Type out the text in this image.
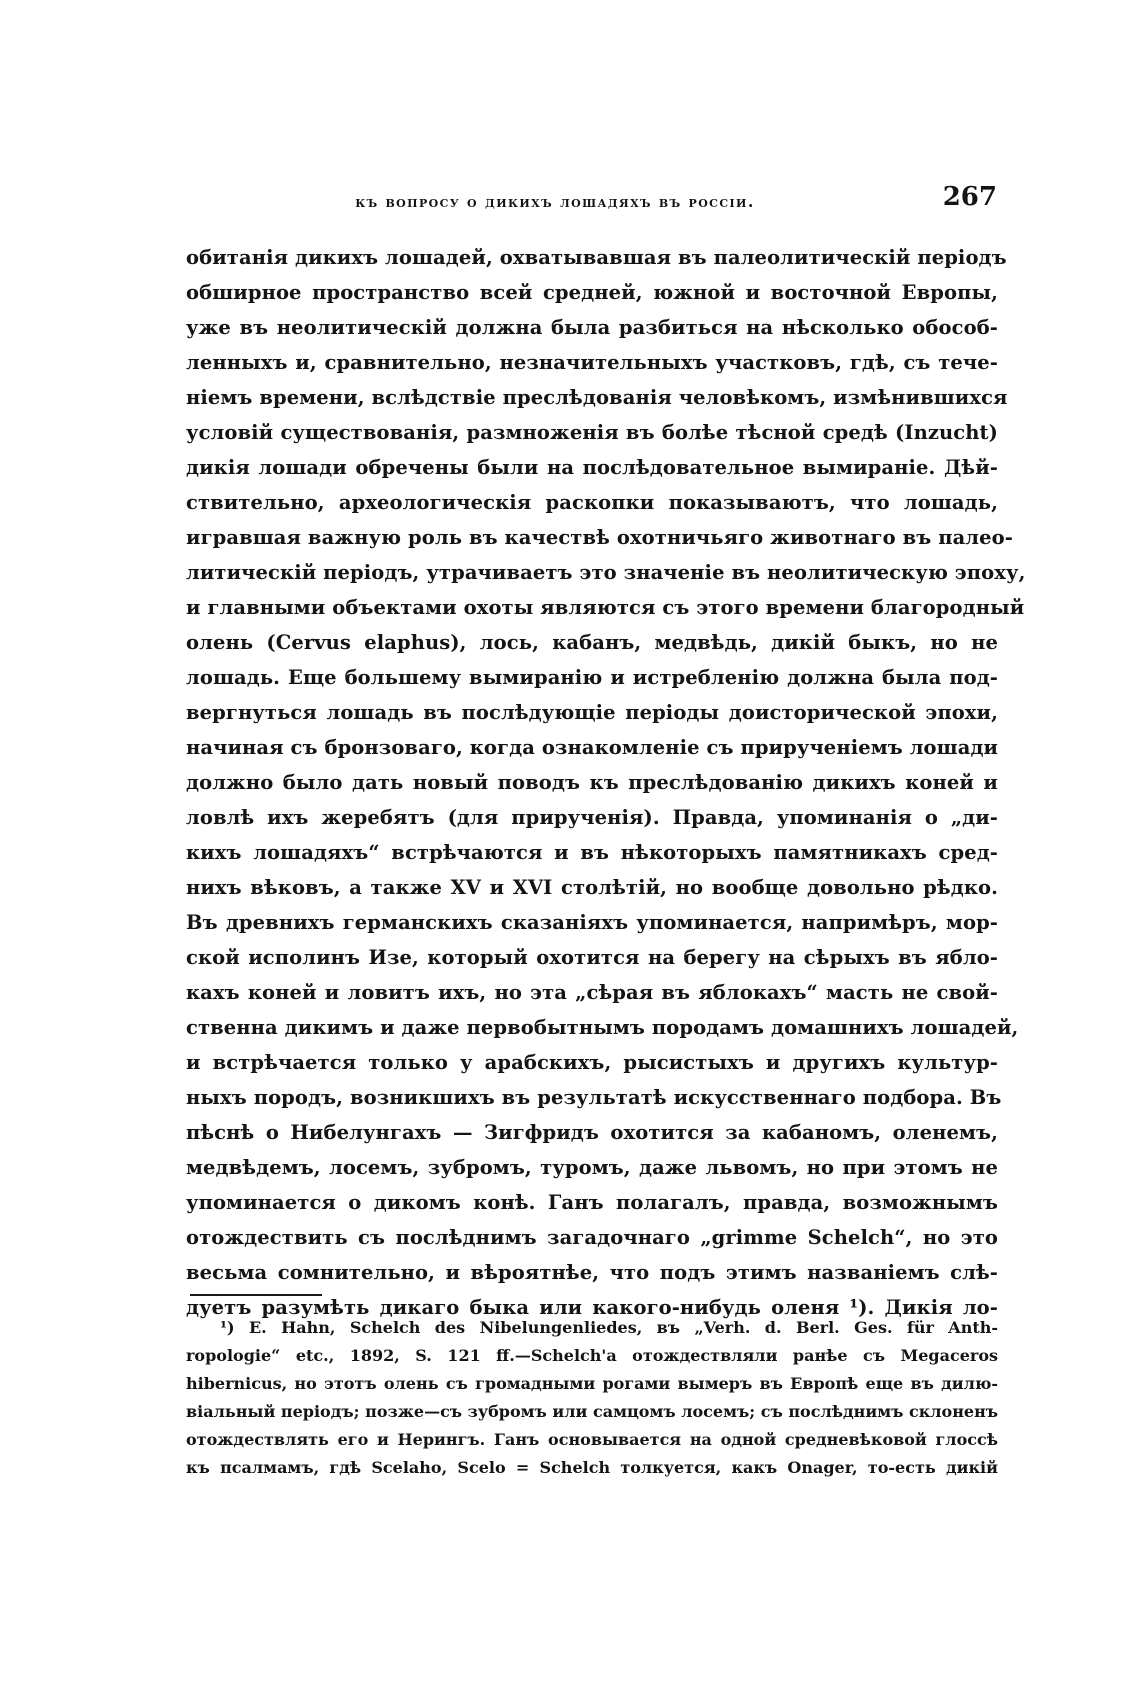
къ вопросу о дикихъ лошадяхъ въ россіи.	267
обитанія дикихъ лошадей, охватывавшая въ палеолитическій періодъ
обширное пространство всей средней, южной и восточной Европы,
уже въ неолитическій должна была разбиться на нѣсколько обособ-
ленныхъ и, сравнительно, незначительныхъ участковъ, гдѣ, съ тече-
ніемъ времени, вслѣдствіе преслѣдованія человѣкомъ, измѣнившихся
условій существованія, размноженія въ болѣе тѣсной средѣ (Inzucht)
дикія лошади обречены были на послѣдовательное вымираніе. Дѣй-
ствительно, археологическія раскопки показываютъ, что лошадь,
игравшая важную роль въ качествѣ охотничьяго животнаго въ палео-
литическій періодъ, утрачиваетъ это значеніе въ неолитическую эпоху,
и главными объектами охоты являются съ этого времени благородный
олень (Cervus elaphus), лось, кабанъ, медвѣдь, дикій быкъ, но не
лошадь. Еще большему вымиранію и истребленію должна была под-
вергнуться лошадь въ послѣдующіе періоды доисторической эпохи,
начиная съ бронзоваго, когда ознакомленіе съ прирученіемъ лошади
должно было дать новый поводъ къ преслѣдованію дикихъ коней и
ловлѣ ихъ жеребятъ (для прирученія). Правда, упоминанія о „ди-
кихъ лошадяхъ“ встрѣчаются и въ нѣкоторыхъ памятникахъ сред-
нихъ вѣковъ, а также XV и XVI столѣтій, но вообще довольно рѣдко.
Въ древнихъ германскихъ сказаніяхъ упоминается, напримѣръ, мор-
ской исполинъ Изе, который охотится на берегу на сѣрыхъ въ ябло-
кахъ коней и ловитъ ихъ, но эта „сѣрая въ яблокахъ“ масть не свой-
ственна дикимъ и даже первобытнымъ породамъ домашнихъ лошадей,
и встрѣчается только у арабскихъ, рысистыхъ и другихъ культур-
ныхъ породъ, возникшихъ въ результатѣ искусственнаго подбора. Въ
пѣснѣ о Нибелунгахъ — Зигфридъ охотится за кабаномъ, оленемъ,
медвѣдемъ, лосемъ, зубромъ, туромъ, даже львомъ, но при этомъ не
упоминается о дикомъ конѣ. Ганъ полагалъ, правда, возможнымъ
отождествить съ послѣднимъ загадочнаго „grimme Schelch“, но это
весьма сомнительно, и вѣроятнѣе, что подъ этимъ названіемъ слѣ-
дуетъ разумѣть дикаго быка или какого-нибудь оленя ¹). Дикія ло-
¹) E. Hahn, Schelch des Nibelungenliedes, въ „Verh. d. Berl. Ges. für Anth-
ropologie“ etc., 1892, S. 121 ff.—Schelch'а отождествляли ранѣе съ Megaceros
hibernicus, но этотъ олень съ громадными рогами вымеръ въ Европѣ еще въ дилю-
віальный періодъ; позже—съ зубромъ или самцомъ лосемъ; съ послѣднимъ склоненъ
отождествлять его и Нерингъ. Ганъ основывается на одной средневѣковой глоссѣ
къ псалмамъ, гдѣ Scelaho, Scelo = Schelch толкуется, какъ Onager, то-есть дикій
